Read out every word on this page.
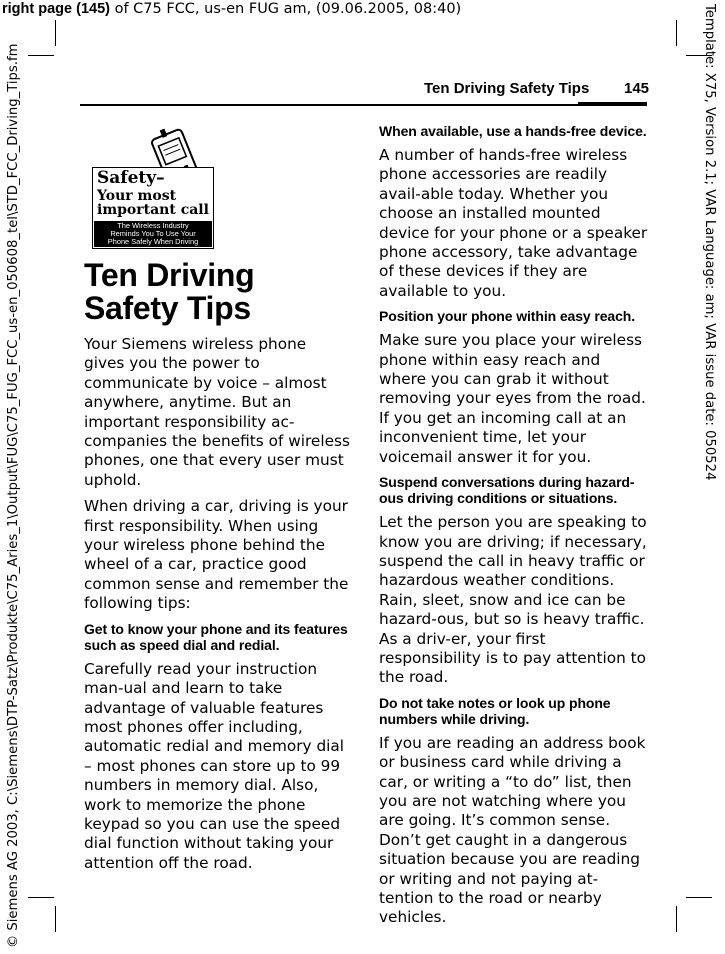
right page (145) of C75 FCC, us-en FUG am, (09.06.2005, 08:40)
© Siemens AG 2003, C:\Siemens\DTP-Satz\Produkte\C75_Aries_1\Output\FUG\C75_FUG_FCC_us-en_050608_tel\STD_FCC_Driving_Tips.fm	Template: X75, Version 2.1; VAR Language: am; VAR issue date: 050524
Ten Driving Safety Tips 145
Safety–
Your most
important call
The Wireless Industry
Reminds You To Use Your
Phone Safely When Driving
Ten Driving Safety Tips

Your Siemens wireless phone gives you the power to communicate by voice – almost anywhere, anytime. But an important responsibility ac-companies the benefits of wireless phones, one that every user must uphold.

When driving a car, driving is your first responsibility. When using your wireless phone behind the wheel of a car, practice good common sense and remember the following tips:

Get to know your phone and its features such as speed dial and redial.

Carefully read your instruction man-ual and learn to take advantage of valuable features most phones offer including, automatic redial and memory dial – most phones can store up to 99 numbers in memory dial. Also, work to memorize the phone keypad so you can use the speed dial function without taking your attention off the road.

When available, use a hands-free device.

A number of hands-free wireless phone accessories are readily avail-able today. Whether you choose an installed mounted device for your phone or a speaker phone accessory, take advantage of these devices if they are available to you.

Position your phone within easy reach.

Make sure you place your wireless phone within easy reach and where you can grab it without removing your eyes from the road. If you get an incoming call at an inconvenient time, let your voicemail answer it for you.

Suspend conversations during hazard-ous driving conditions or situations.

Let the person you are speaking to know you are driving; if necessary, suspend the call in heavy traffic or hazardous weather conditions. Rain, sleet, snow and ice can be hazard-ous, but so is heavy traffic. As a driv-er, your first responsibility is to pay attention to the road.

Do not take notes or look up phone numbers while driving.

If you are reading an address book or business card while driving a car, or writing a “to do” list, then you are not watching where you are going. It’s common sense. Don’t get caught in a dangerous situation because you are reading or writing and not paying at-tention to the road or nearby vehicles.
